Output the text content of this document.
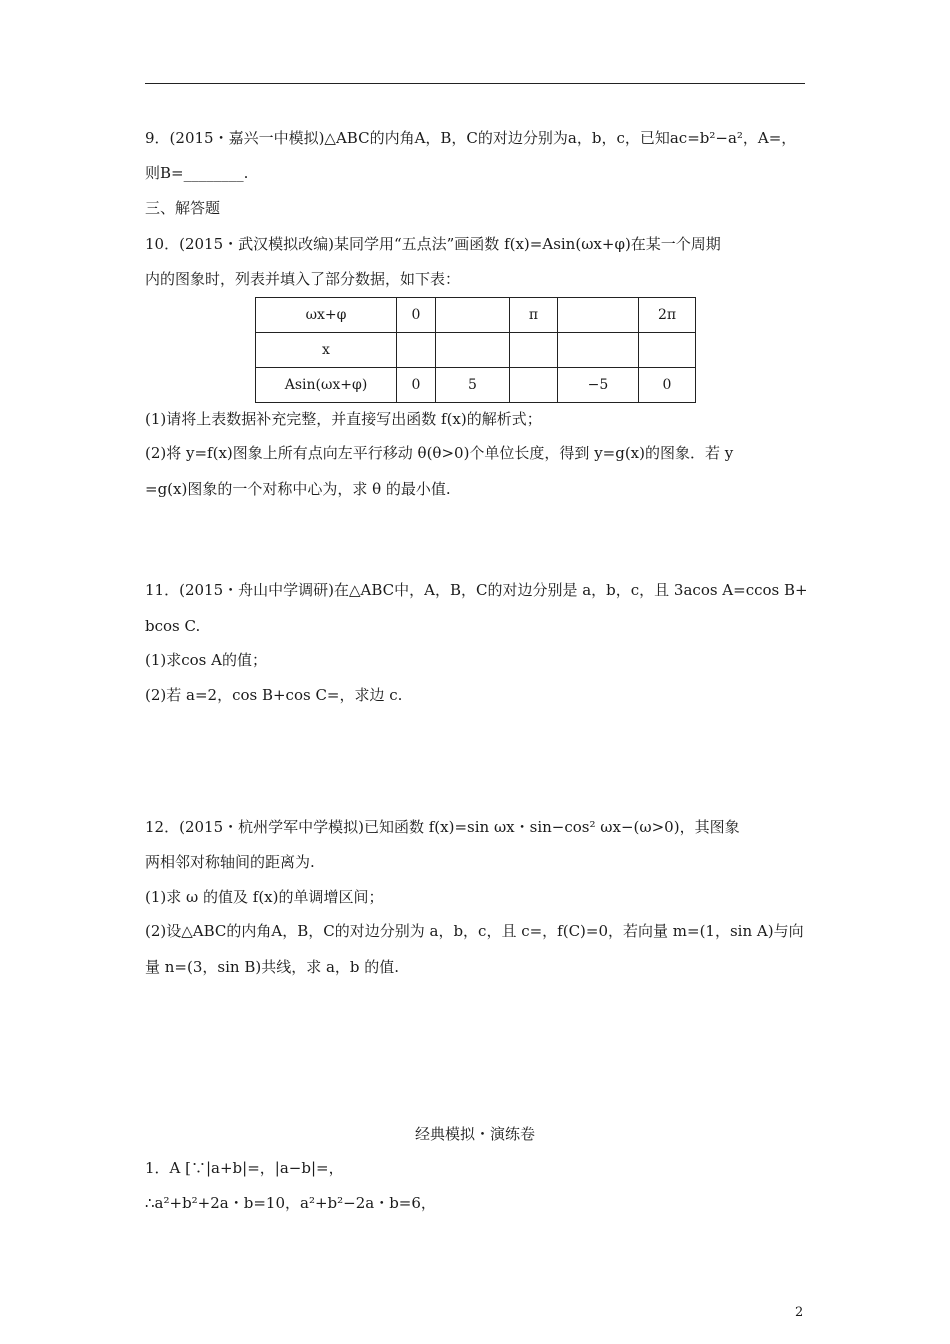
9．(2015・嘉兴一中模拟)△ABC的内角A，B，C的对边分别为a，b，c，已知ac=b²−a²，A=，
则B=________.
三、解答题
10．(2015・武汉模拟改编)某同学用“五点法”画函数 f(x)=Asin(ωx+φ)在某一个周期
内的图象时，列表并填入了部分数据，如下表：
ωx+φ	0		π		2π
x					
Asin(ωx+φ)	0	5		−5	0
(1)请将上表数据补充完整，并直接写出函数 f(x)的解析式；
(2)将 y=f(x)图象上所有点向左平行移动 θ(θ>0)个单位长度，得到 y=g(x)的图象．若 y
=g(x)图象的一个对称中心为，求 θ 的最小值.
11．(2015・舟山中学调研)在△ABC中，A，B，C的对边分别是 a，b，c，且 3acos A=ccos B+
bcos C.
(1)求cos A的值；
(2)若 a=2，cos B+cos C=，求边 c.
12．(2015・杭州学军中学模拟)已知函数 f(x)=sin ωx・sin−cos² ωx−(ω>0)，其图象
两相邻对称轴间的距离为.
(1)求 ω 的值及 f(x)的单调增区间；
(2)设△ABC的内角A，B，C的对边分别为 a，b，c，且 c=，f(C)=0，若向量 m=(1，sin A)与向
量 n=(3，sin B)共线，求 a，b 的值.
经典模拟・演练卷
1．A [∵|a+b|=，|a−b|=，
∴a²+b²+2a・b=10，a²+b²−2a・b=6，
2
